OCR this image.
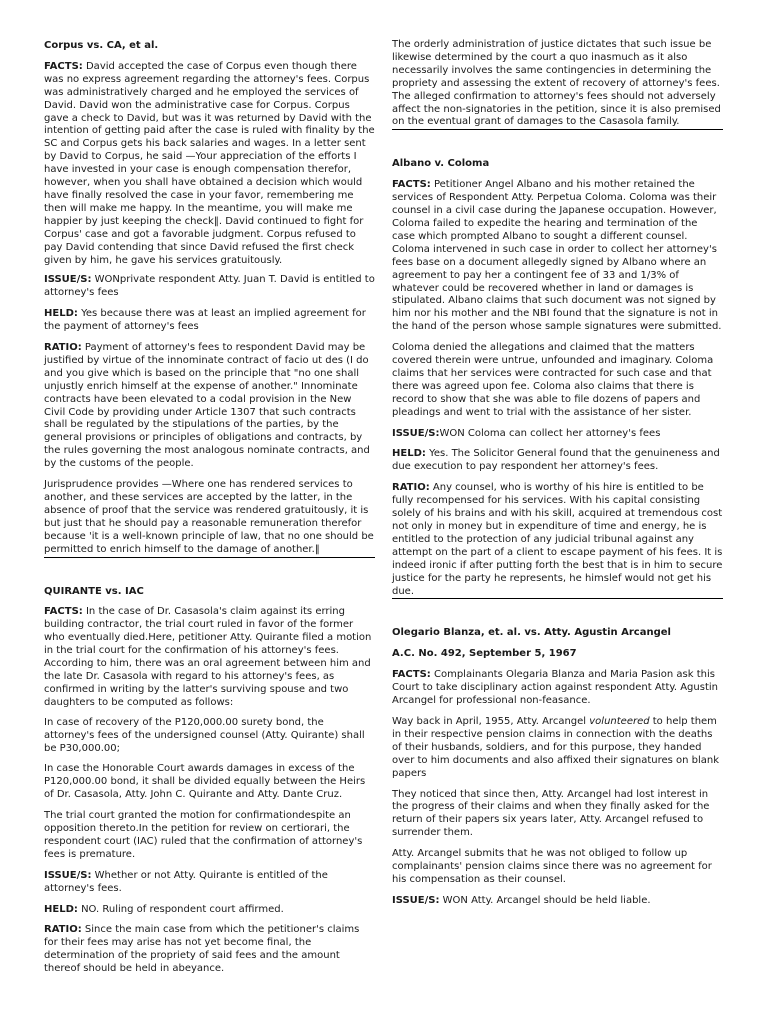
Corpus vs. CA, et al.

FACTS: David accepted the case of Corpus even though there was no express agreement regarding the attorney's fees. Corpus was administratively charged and he employed the services of David. David won the administrative case for Corpus. Corpus gave a check to David, but was it was returned by David with the intention of getting paid after the case is ruled with finality by the SC and Corpus gets his back salaries and wages. In a letter sent by David to Corpus, he said —Your appreciation of the efforts I have invested in your case is enough compensation therefor, however, when you shall have obtained a decision which would have finally resolved the case in your favor, remembering me then will make me happy. In the meantime, you will make me happier by just keeping the check‖. David continued to fight for Corpus' case and got a favorable judgment. Corpus refused to pay David contending that since David refused the first check given by him, he gave his services gratuitously.

ISSUE/S: WONprivate respondent Atty. Juan T. David is entitled to attorney's fees

HELD: Yes because there was at least an implied agreement for the payment of attorney's fees

RATIO: Payment of attorney's fees to respondent David may be justified by virtue of the innominate contract of facio ut des (I do and you give which is based on the principle that "no one shall unjustly enrich himself at the expense of another." Innominate contracts have been elevated to a codal provision in the New Civil Code by providing under Article 1307 that such contracts shall be regulated by the stipulations of the parties, by the general provisions or principles of obligations and contracts, by the rules governing the most analogous nominate contracts, and by the customs of the people.

Jurisprudence provides —Where one has rendered services to another, and these services are accepted by the latter, in the absence of proof that the service was rendered gratuitously, it is but just that he should pay a reasonable remuneration therefor because 'it is a well-known principle of law, that no one should be permitted to enrich himself to the damage of another.‖

QUIRANTE vs. IAC

FACTS: In the case of Dr. Casasola's claim against its erring building contractor, the trial court ruled in favor of the former who eventually died.Here, petitioner Atty. Quirante filed a motion in the trial court for the confirmation of his attorney's fees. According to him, there was an oral agreement between him and the late Dr. Casasola with regard to his attorney's fees, as confirmed in writing by the latter's surviving spouse and two daughters to be computed as follows:

In case of recovery of the P120,000.00 surety bond, the attorney's fees of the undersigned counsel (Atty. Quirante) shall be P30,000.00;

In case the Honorable Court awards damages in excess of the P120,000.00 bond, it shall be divided equally between the Heirs of Dr. Casasola, Atty. John C. Quirante and Atty. Dante Cruz.

The trial court granted the motion for confirmationdespite an opposition thereto.In the petition for review on certiorari, the respondent court (IAC) ruled that the confirmation of attorney's fees is premature.

ISSUE/S: Whether or not Atty. Quirante is entitled of the attorney's fees.

HELD: NO. Ruling of respondent court affirmed.

RATIO: Since the main case from which the petitioner's claims for their fees may arise has not yet become final, the determination of the propriety of said fees and the amount thereof should be held in abeyance.

The orderly administration of justice dictates that such issue be likewise determined by the court a quo inasmuch as it also necessarily involves the same contingencies in determining the propriety and assessing the extent of recovery of attorney's fees. The alleged confirmation to attorney's fees should not adversely affect the non-signatories in the petition, since it is also premised on the eventual grant of damages to the Casasola family.

Albano v. Coloma

FACTS: Petitioner Angel Albano and his mother retained the services of Respondent Atty. Perpetua Coloma. Coloma was their counsel in a civil case during the Japanese occupation. However, Coloma failed to expedite the hearing and termination of the case which prompted Albano to sought a different counsel. Coloma intervened in such case in order to collect her attorney's fees base on a document allegedly signed by Albano where an agreement to pay her a contingent fee of 33 and 1/3% of whatever could be recovered whether in land or damages is stipulated. Albano claims that such document was not signed by him nor his mother and the NBI found that the signature is not in the hand of the person whose sample signatures were submitted.

Coloma denied the allegations and claimed that the matters covered therein were untrue, unfounded and imaginary. Coloma claims that her services were contracted for such case and that there was agreed upon fee. Coloma also claims that there is record to show that she was able to file dozens of papers and pleadings and went to trial with the assistance of her sister.

ISSUE/S:WON Coloma can collect her attorney's fees

HELD: Yes. The Solicitor General found that the genuineness and due execution to pay respondent her attorney's fees.

RATIO: Any counsel, who is worthy of his hire is entitled to be fully recompensed for his services. With his capital consisting solely of his brains and with his skill, acquired at tremendous cost not only in money but in expenditure of time and energy, he is entitled to the protection of any judicial tribunal against any attempt on the part of a client to escape payment of his fees. It is indeed ironic if after putting forth the best that is in him to secure justice for the party he represents, he himslef would not get his due.

Olegario Blanza, et. al. vs. Atty. Agustin Arcangel

A.C. No. 492, September 5, 1967

FACTS: Complainants Olegaria Blanza and Maria Pasion ask this Court to take disciplinary action against respondent Atty. Agustin Arcangel for professional non-feasance.

Way back in April, 1955, Atty. Arcangel volunteered to help them in their respective pension claims in connection with the deaths of their husbands, soldiers, and for this purpose, they handed over to him documents and also affixed their signatures on blank papers

They noticed that since then, Atty. Arcangel had lost interest in the progress of their claims and when they finally asked for the return of their papers six years later, Atty. Arcangel refused to surrender them.

Atty. Arcangel submits that he was not obliged to follow up complainants' pension claims since there was no agreement for his compensation as their counsel.

ISSUE/S: WON Atty. Arcangel should be held liable.
